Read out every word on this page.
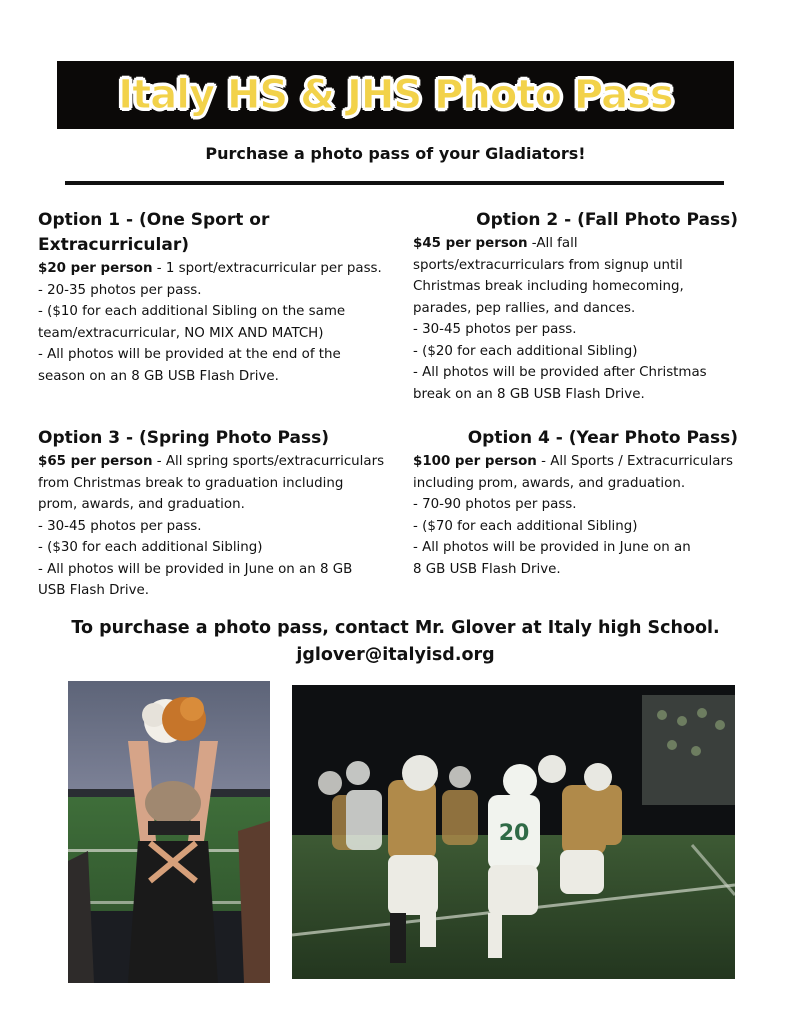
Italy HS & JHS Photo Pass
Purchase a photo pass of your Gladiators!
Option 1 - (One Sport or
Extracurricular)
$20 per person - 1 sport/extracurricular per pass.
- 20-35 photos per pass.
- ($10 for each additional Sibling on the same
team/extracurricular, NO MIX AND MATCH)
- All photos will be provided at the end of the
season on an 8 GB USB Flash Drive.
Option 2 - (Fall Photo Pass)
$45 per person -All fall
sports/extracurriculars from signup until
Christmas break including homecoming,
parades, pep rallies, and dances.
- 30-45 photos per pass.
- ($20 for each additional Sibling)
- All photos will be provided after Christmas
break on an 8 GB USB Flash Drive.
Option 3 - (Spring Photo Pass)
$65 per person - All spring sports/extracurriculars
from Christmas break to graduation including
prom, awards, and graduation.
- 30-45 photos per pass.
- ($30 for each additional Sibling)
- All photos will be provided in June on an 8 GB
USB Flash Drive.
Option 4 - (Year Photo Pass)
$100 per person - All Sports / Extracurriculars
including prom, awards, and graduation.
- 70-90 photos per pass.
- ($70 for each additional Sibling)
- All photos will be provided in June on an
8 GB USB Flash Drive.
To purchase a photo pass, contact Mr. Glover at Italy high School.
jglover@italyisd.org
20
